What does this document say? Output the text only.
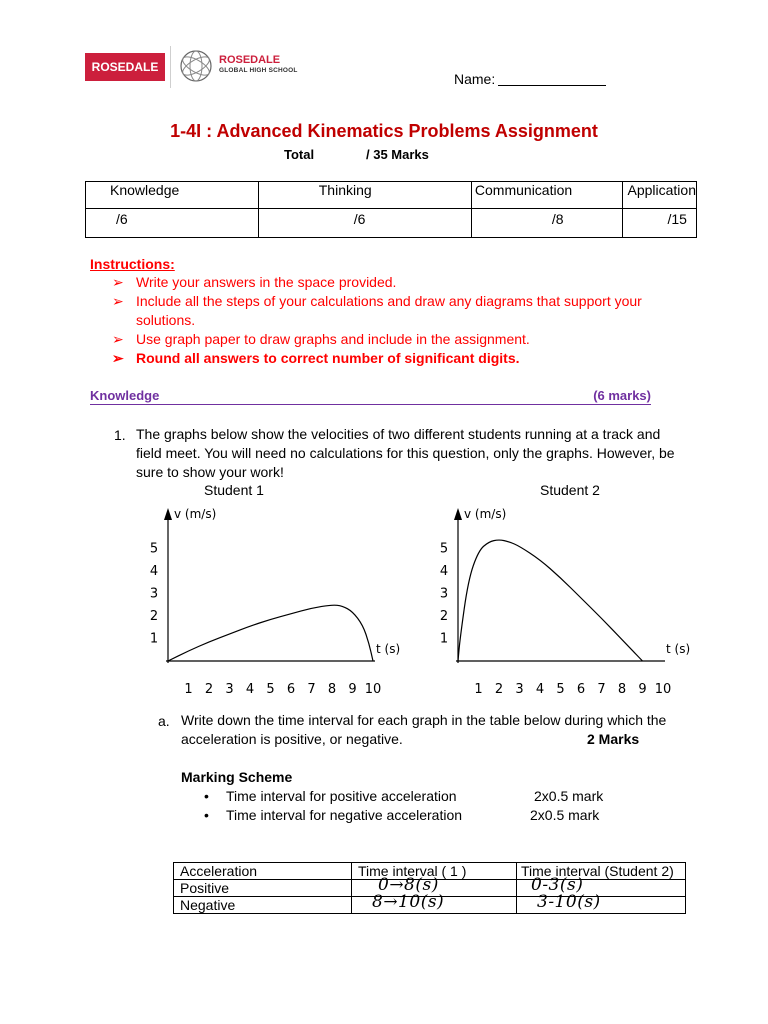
ROSEDALE	ROSEDALE
GLOBAL HIGH SCHOOL
Name:
1-4I : Advanced Kinematics Problems Assignment
Total	/ 35 Marks
Knowledge	Thinking	Communication	Application
/6	/6	/8	/15
Instructions:
➢ Write your answers in the space provided.
➢ Include all the steps of your calculations and draw any diagrams that support your solutions.
➢ Use graph paper to draw graphs and include in the assignment.
➢ Round all answers to correct number of significant digits.
Knowledge	(6 marks)
1. The graphs below show the velocities of two different students running at a track and field meet. You will need no calculations for this question, only the graphs. However, be sure to show your work!
Student 1	Student 2
v (m/s)
t (s)
1
2
3
4
5
1 2 3 4 5 6 7 8 9 10
v (m/s)
t (s)
1
2
3
4
5
1 2 3 4 5 6 7 8 9 10
a. Write down the time interval for each graph in the table below during which the acceleration is positive, or negative.	2 Marks
Marking Scheme
• Time interval for positive acceleration	2x0.5 mark
• Time interval for negative acceleration	2x0.5 mark
Acceleration	Time interval ( 1 )	Time interval (Student 2)
Positive	0→8(s)	0-3(s)

Negative	8→10(s)	3-10(s)
